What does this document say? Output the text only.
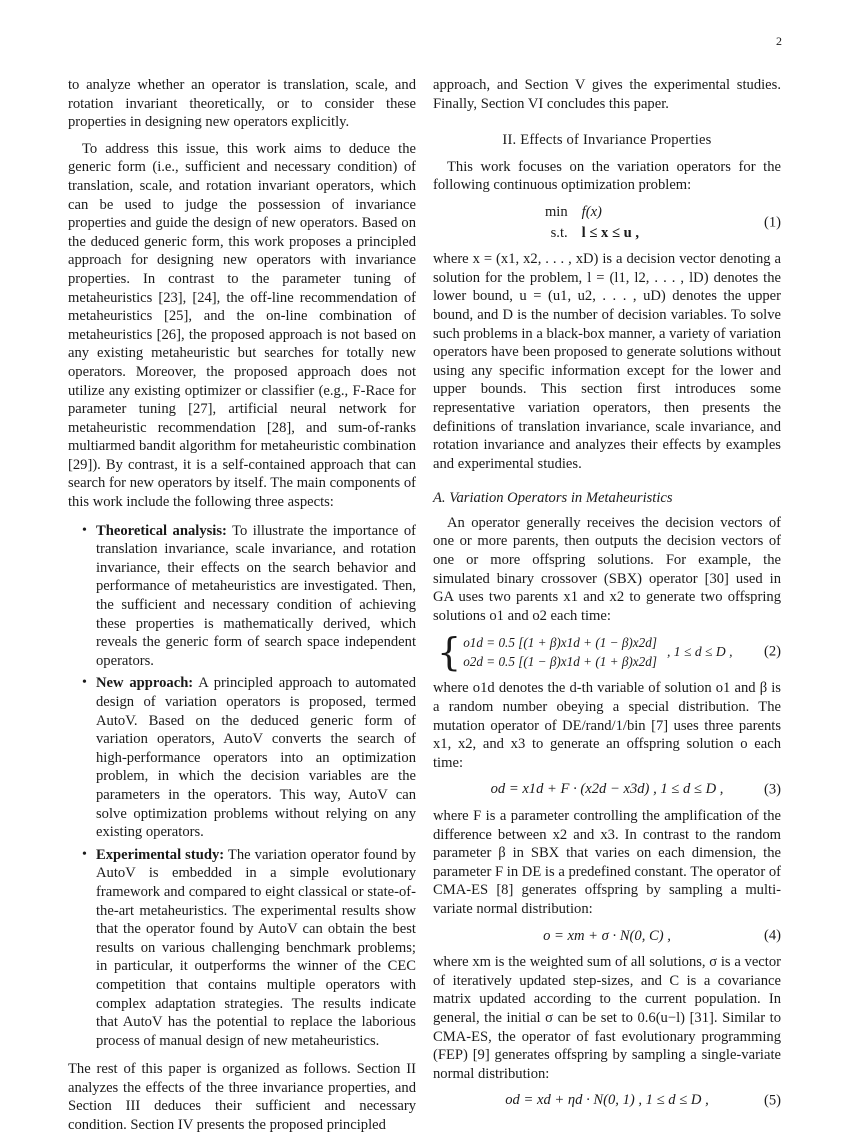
2

to analyze whether an operator is translation, scale, and rotation invariant theoretically, or to consider these properties in designing new operators explicitly.

To address this issue, this work aims to deduce the generic form (i.e., sufficient and necessary condition) of translation, scale, and rotation invariant operators, which can be used to judge the possession of invariance properties and guide the design of new operators. Based on the deduced generic form, this work proposes a principled approach for designing new operators with invariance properties. In contrast to the parameter tuning of metaheuristics [23], [24], the off-line recommendation of metaheuristics [25], and the on-line combination of metaheuristics [26], the proposed approach is not based on any existing metaheuristic but searches for totally new operators. Moreover, the proposed approach does not utilize any existing optimizer or classifier (e.g., F-Race for parameter tuning [27], artificial neural network for metaheuristic recommendation [28], and sum-of-ranks multiarmed bandit algorithm for metaheuristic combination [29]). By contrast, it is a self-contained approach that can search for new operators by itself. The main components of this work include the following three aspects:

• Theoretical analysis: To illustrate the importance of translation invariance, scale invariance, and rotation invariance, their effects on the search behavior and performance of metaheuristics are investigated. Then, the sufficient and necessary condition of achieving these properties is mathematically derived, which reveals the generic form of search space independent operators.
• New approach: A principled approach to automated design of variation operators is proposed, termed AutoV. Based on the deduced generic form of variation operators, AutoV converts the search of high-performance operators into an optimization problem, in which the decision variables are the parameters in the operators. This way, AutoV can solve optimization problems without relying on any existing operators.
• Experimental study: The variation operator found by AutoV is embedded in a simple evolutionary framework and compared to eight classical or state-of-the-art metaheuristics. The experimental results show that the operator found by AutoV can obtain the best results on various challenging benchmark problems; in particular, it outperforms the winner of the CEC competition that contains multiple operators with complex adaptation strategies. The results indicate that AutoV has the potential to replace the laborious process of manual design of new metaheuristics.

The rest of this paper is organized as follows. Section II analyzes the effects of the three invariance properties, and Section III deduces their sufficient and necessary condition. Section IV presents the proposed principled

approach, and Section V gives the experimental studies. Finally, Section VI concludes this paper.

II. Effects of Invariance Properties

This work focuses on the variation operators for the following continuous optimization problem:

min f(x)
s.t. l ≤ x ≤ u ,
(1)

where x = (x1, x2, . . . , xD) is a decision vector denoting a solution for the problem, l = (l1, l2, . . . , lD) denotes the lower bound, u = (u1, u2, . . . , uD) denotes the upper bound, and D is the number of decision variables. To solve such problems in a black-box manner, a variety of variation operators have been proposed to generate solutions without using any specific information except for the lower and upper bounds. This section first introduces some representative variation operators, then presents the definitions of translation invariance, scale invariance, and rotation invariance and analyzes their effects by examples and experimental studies.

A. Variation Operators in Metaheuristics

An operator generally receives the decision vectors of one or more parents, then outputs the decision vectors of one or more offspring solutions. For example, the simulated binary crossover (SBX) operator [30] used in GA uses two parents x1 and x2 to generate two offspring solutions o1 and o2 each time:

{ o1d = 0.5 [(1 + β)x1d + (1 − β)x2d]
o2d = 0.5 [(1 − β)x1d + (1 + β)x2d]
, 1 ≤ d ≤ D , (2)

where o1d denotes the d-th variable of solution o1 and β is a random number obeying a special distribution. The mutation operator of DE/rand/1/bin [7] uses three parents x1, x2, and x3 to generate an offspring solution o each time:

od = x1d + F · (x2d − x3d) , 1 ≤ d ≤ D ,	(3)

where F is a parameter controlling the amplification of the difference between x2 and x3. In contrast to the random parameter β in SBX that varies on each dimension, the parameter F in DE is a predefined constant. The operator of CMA-ES [8] generates offspring by sampling a multi-variate normal distribution:

o = xm + σ · N(0, C) ,	(4)

where xm is the weighted sum of all solutions, σ is a vector of iteratively updated step-sizes, and C is a covariance matrix updated according to the current population. In general, the initial σ can be set to 0.6(u−l) [31]. Similar to CMA-ES, the operator of fast evolutionary programming (FEP) [9] generates offspring by sampling a single-variate normal distribution:

od = xd + ηd · N(0, 1) , 1 ≤ d ≤ D ,	(5)
